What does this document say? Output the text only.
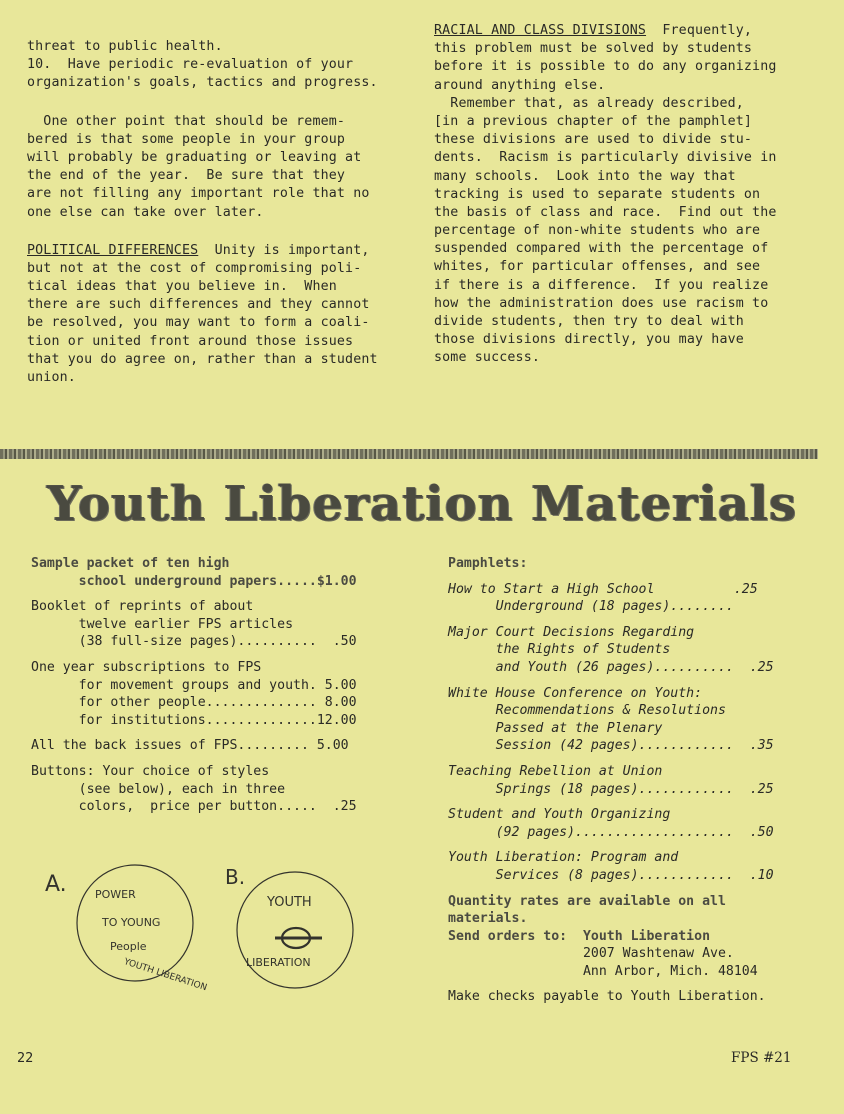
threat to public health.
10.  Have periodic re-evaluation of your
organization's goals, tactics and progress.
One other point that should be remem-
bered is that some people in your group
will probably be graduating or leaving at
the end of the year.  Be sure that they
are not filling any important role that no
one else can take over later.
POLITICAL DIFFERENCES  Unity is important,
but not at the cost of compromising poli-
tical ideas that you believe in.  When
there are such differences and they cannot
be resolved, you may want to form a coali-
tion or united front around those issues
that you do agree on, rather than a student
union.
RACIAL AND CLASS DIVISIONS  Frequently,
this problem must be solved by students
before it is possible to do any organizing
around anything else.
Remember that, as already described,
[in a previous chapter of the pamphlet]
these divisions are used to divide stu-
dents.  Racism is particularly divisive in
many schools.  Look into the way that
tracking is used to separate students on
the basis of class and race.  Find out the
percentage of non-white students who are
suspended compared with the percentage of
whites, for particular offenses, and see
if there is a difference.  If you realize
how the administration does use racism to
divide students, then try to deal with
those divisions directly, you may have
some success.
Youth Liberation Materials
Sample packet of ten high
school underground papers.....$1.00
Booklet of reprints of about
twelve earlier FPS articles
(38 full-size pages)..........  .50
One year subscriptions to FPS
for movement groups and youth. 5.00
for other people.............. 8.00
for institutions..............12.00
All the back issues of FPS......... 5.00
Buttons: Your choice of styles
(see below), each in three
colors,  price per button.....  .25
Pamphlets:
How to Start a High School          .25
Underground (18 pages)........
Major Court Decisions Regarding
the Rights of Students
and Youth (26 pages)..........  .25
White House Conference on Youth:
Recommendations & Resolutions
Passed at the Plenary
Session (42 pages)............  .35
Teaching Rebellion at Union
Springs (18 pages)............  .25
Student and Youth Organizing
(92 pages)....................  .50
Youth Liberation: Program and
Services (8 pages)............  .10
Quantity rates are available on all
materials.
Send orders to:  Youth Liberation
2007 Washtenaw Ave.
Ann Arbor, Mich. 48104
Make checks payable to Youth Liberation.
A.	POWER
TO YOUNG
People
YOUTH LIBERATION
B.
YOUTH
LIBERATION
22	FPS #21
